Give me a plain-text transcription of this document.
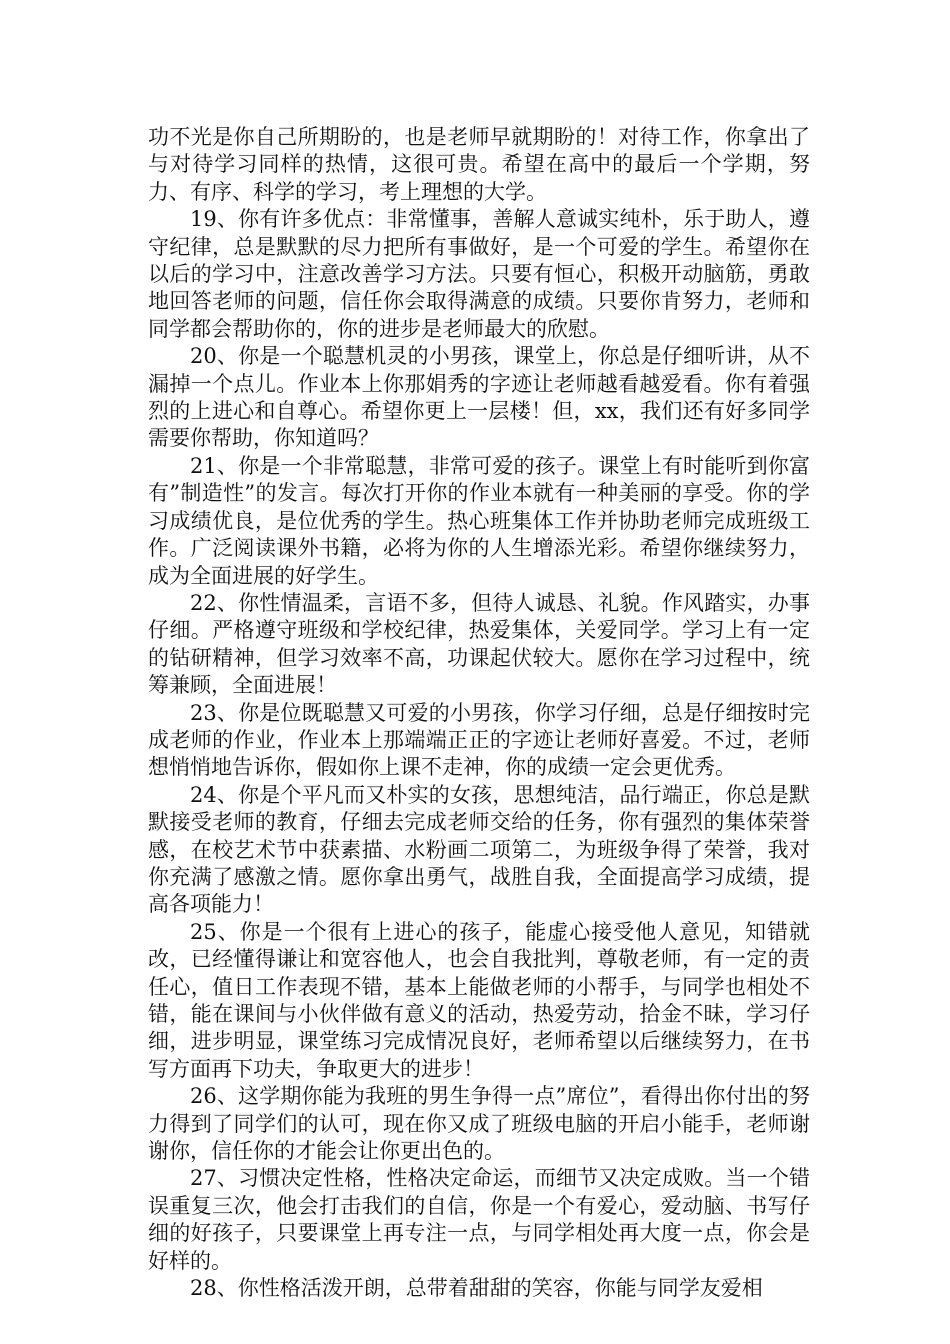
功不光是你自己所期盼的，也是老师早就期盼的！对待工作，你拿出了与对待学习同样的热情，这很可贵。希望在高中的最后一个学期，努力、有序、科学的学习，考上理想的大学。

19、你有许多优点：非常懂事，善解人意诚实纯朴，乐于助人，遵守纪律，总是默默的尽力把所有事做好，是一个可爱的学生。希望你在以后的学习中，注意改善学习方法。只要有恒心，积极开动脑筋，勇敢地回答老师的问题，信任你会取得满意的成绩。只要你肯努力，老师和同学都会帮助你的，你的进步是老师最大的欣慰。

20、你是一个聪慧机灵的小男孩，课堂上，你总是仔细听讲，从不漏掉一个点儿。作业本上你那娟秀的字迹让老师越看越爱看。你有着强烈的上进心和自尊心。希望你更上一层楼！但，xx，我们还有好多同学需要你帮助，你知道吗？

21、你是一个非常聪慧，非常可爱的孩子。课堂上有时能听到你富有”制造性”的发言。每次打开你的作业本就有一种美丽的享受。你的学习成绩优良，是位优秀的学生。热心班集体工作并协助老师完成班级工作。广泛阅读课外书籍，必将为你的人生增添光彩。希望你继续努力，成为全面进展的好学生。

22、你性情温柔，言语不多，但待人诚恳、礼貌。作风踏实，办事仔细。严格遵守班级和学校纪律，热爱集体，关爱同学。学习上有一定的钻研精神，但学习效率不高，功课起伏较大。愿你在学习过程中，统筹兼顾，全面进展！

23、你是位既聪慧又可爱的小男孩，你学习仔细，总是仔细按时完成老师的作业，作业本上那端端正正的字迹让老师好喜爱。不过，老师想悄悄地告诉你，假如你上课不走神，你的成绩一定会更优秀。

24、你是个平凡而又朴实的女孩，思想纯洁，品行端正，你总是默默接受老师的教育，仔细去完成老师交给的任务，你有强烈的集体荣誉感，在校艺术节中获素描、水粉画二项第二，为班级争得了荣誉，我对你充满了感激之情。愿你拿出勇气，战胜自我，全面提高学习成绩，提高各项能力！

25、你是一个很有上进心的孩子，能虚心接受他人意见，知错就改，已经懂得谦让和宽容他人，也会自我批判，尊敬老师，有一定的责任心，值日工作表现不错，基本上能做老师的小帮手，与同学也相处不错，能在课间与小伙伴做有意义的活动，热爱劳动，拾金不昧，学习仔细，进步明显，课堂练习完成情况良好，老师希望以后继续努力，在书写方面再下功夫，争取更大的进步！

26、这学期你能为我班的男生争得一点”席位”，看得出你付出的努力得到了同学们的认可，现在你又成了班级电脑的开启小能手，老师谢谢你，信任你的才能会让你更出色的。

27、习惯决定性格，性格决定命运，而细节又决定成败。当一个错误重复三次，他会打击我们的自信，你是一个有爱心，爱动脑、书写仔细的好孩子，只要课堂上再专注一点，与同学相处再大度一点，你会是好样的。

28、你性格活泼开朗，总带着甜甜的笑容，你能与同学友爱相
